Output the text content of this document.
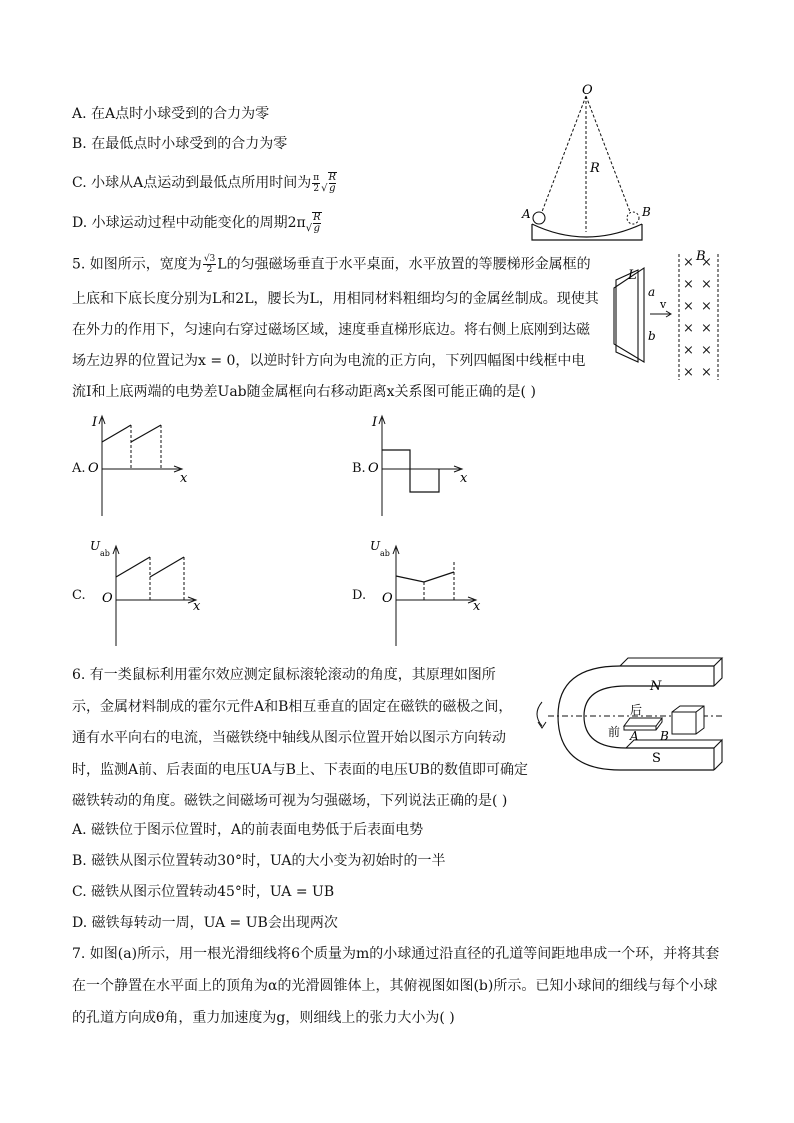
A. 在A点时小球受到的合力为零
B. 在最低点时小球受到的合力为零
C. 小球从A点运动到最低点所用时间为 $\frac{\pi}{2}$ √ $\frac{R}{g}$
D. 小球运动过程中动能变化的周期$2\pi√ \frac{R}{g}$
O
R
A	B
5. 如图所示，宽度为 $\frac{√3}{2}$ L的匀强磁场垂直于水平桌面，水平放置的等腰梯形金属框的
上底和下底长度分别为L和2L，腰长为L，用相同材料粗细均匀的金属丝制成。现使其
在外力的作用下，匀速向右穿过磁场区域，速度垂直梯形底边。将右侧上底刚到达磁
场左边界的位置记为x = 0，以逆时针方向为电流的正方向，下列四幅图中线框中电
流I和上底两端的电势差Uab随金属框向右移动距离x关系图可能正确的是( )
L
a
b
v
B
× ×
× ×
× ×
× ×
× ×
× ×
A.
I
O
x
B.
I
O
x
C.
U
ab
O
x
D.
U
ab
O
x
6. 有一类鼠标利用霍尔效应测定鼠标滚轮滚动的角度，其原理如图所
示，金属材料制成的霍尔元件A和B相互垂直的固定在磁铁的磁极之间，
通有水平向右的电流，当磁铁绕中轴线从图示位置开始以图示方向转动
时，监测A前、后表面的电压UA与B上、下表面的电压UB的数值即可确定
磁铁转动的角度。磁铁之间磁场可视为匀强磁场，下列说法正确的是( )
A. 磁铁位于图示位置时，A的前表面电势低于后表面电势
B. 磁铁从图示位置转动30°时，UA的大小变为初始时的一半
C. 磁铁从图示位置转动45°时，UA = UB
D. 磁铁每转动一周，UA = UB会出现两次
N
S
后
前 A B
7. 如图(a)所示，用一根光滑细线将6个质量为m的小球通过沿直径的孔道等间距地串成一个环，并将其套
在一个静置在水平面上的顶角为α的光滑圆锥体上，其俯视图如图(b)所示。已知小球间的细线与每个小球
的孔道方向成θ角，重力加速度为g，则细线上的张力大小为( )
